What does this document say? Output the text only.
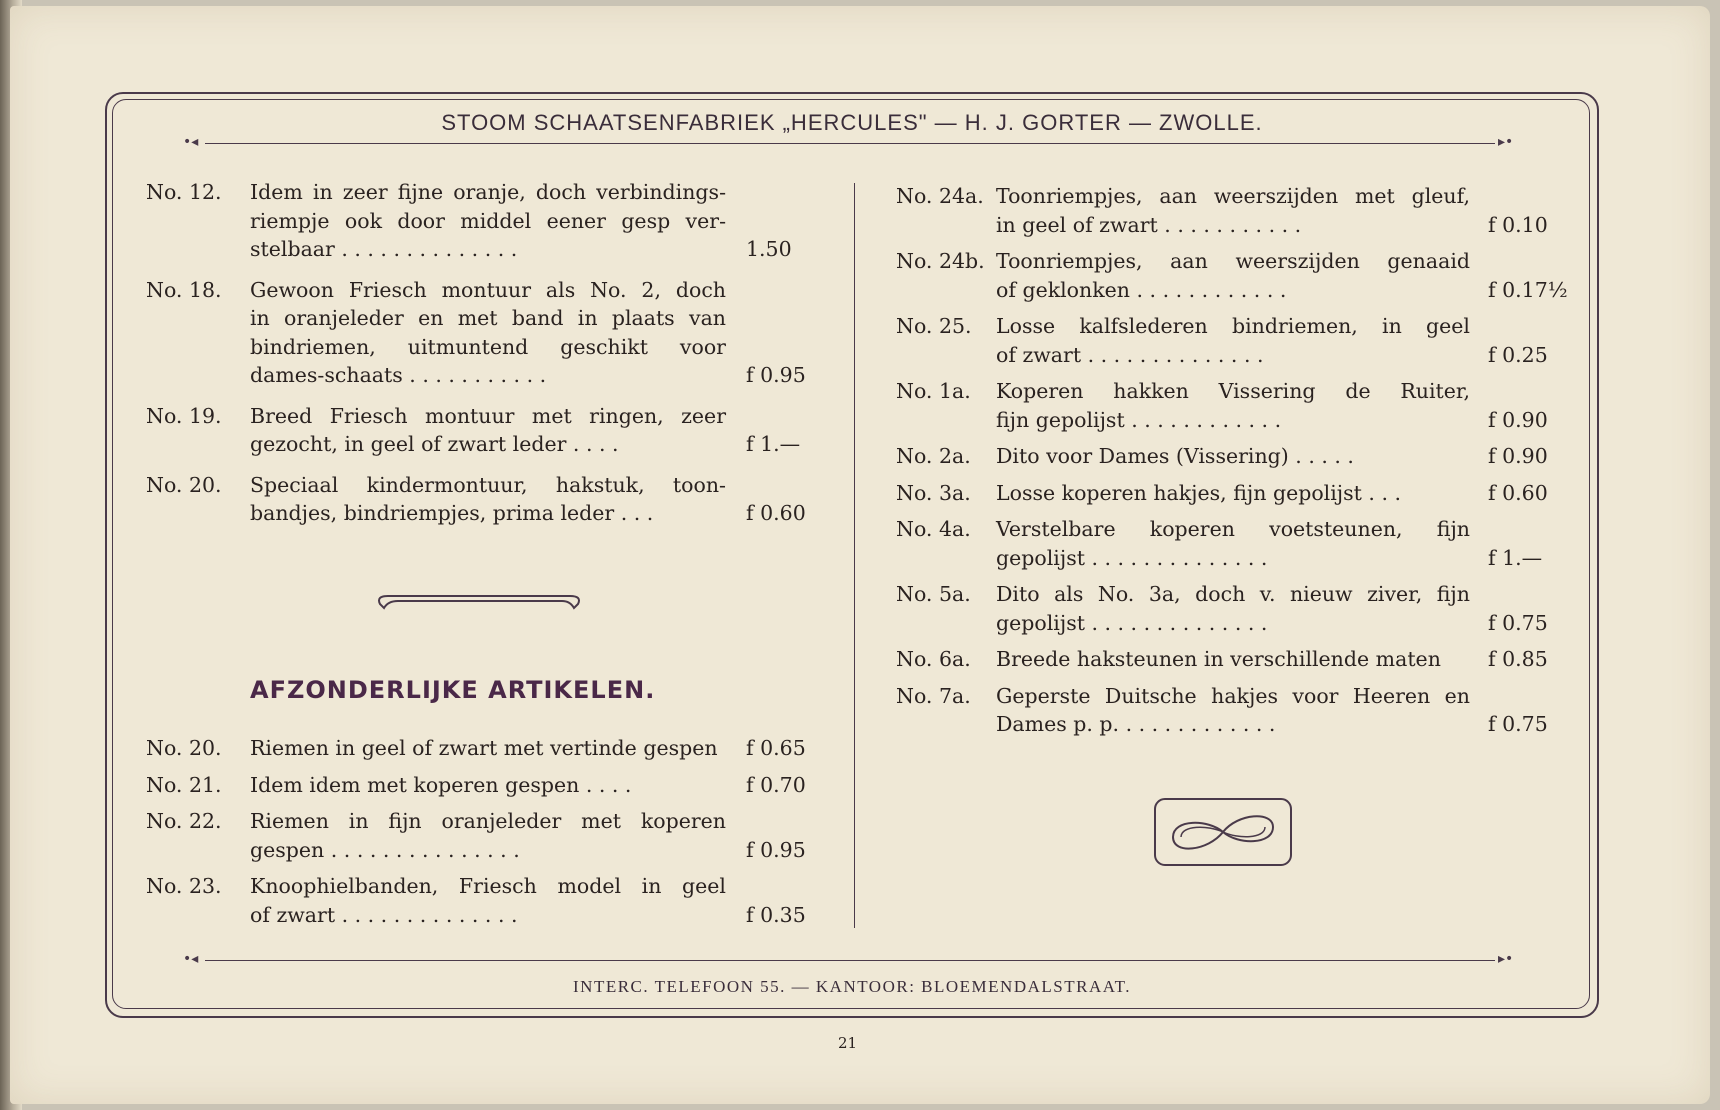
STOOM SCHAATSENFABRIEK „HERCULES" — H. J. GORTER — ZWOLLE.
•◂	▸•
No. 12. Idem in zeer fijne oranje, doch verbindings-
riempje ook door middel eener gesp ver-
stelbaar . . . . . . . . . . . . . .	1.50
No. 18. Gewoon Friesch montuur als No. 2, doch
in oranjeleder en met band in plaats van
bindriemen, uitmuntend geschikt voor
dames-schaats . . . . . . . . . . .	f 0.95
No. 19. Breed Friesch montuur met ringen, zeer
gezocht, in geel of zwart leder . . . .	f 1.—
No. 20. Speciaal kindermontuur, hakstuk, toon-
bandjes, bindriempjes, prima leder . . .	f 0.60
AFZONDERLIJKE ARTIKELEN.
No. 20. Riemen in geel of zwart met vertinde gespen	f 0.65
No. 21. Idem idem met koperen gespen . . . .	f 0.70
No. 22. Riemen in fijn oranjeleder met koperen
gespen . . . . . . . . . . . . . . .	f 0.95
No. 23. Knoophielbanden, Friesch model in geel
of zwart . . . . . . . . . . . . . .	f 0.35
No. 24a. Toonriempjes, aan weerszijden met gleuf,
in geel of zwart . . . . . . . . . . .	f 0.10
No. 24b. Toonriempjes, aan weerszijden genaaid
of geklonken . . . . . . . . . . . .	f 0.17½
No. 25. Losse kalfslederen bindriemen, in geel
of zwart . . . . . . . . . . . . . .	f 0.25
No. 1a. Koperen hakken Vissering de Ruiter,
fijn gepolijst . . . . . . . . . . . .	f 0.90
No. 2a. Dito voor Dames (Vissering) . . . . .	f 0.90
No. 3a. Losse koperen hakjes, fijn gepolijst . . .	f 0.60
No. 4a. Verstelbare koperen voetsteunen, fijn
gepolijst . . . . . . . . . . . . . .	f 1.—
No. 5a. Dito als No. 3a, doch v. nieuw ziver, fijn
gepolijst . . . . . . . . . . . . . .	f 0.75
No. 6a. Breede haksteunen in verschillende maten	f 0.85
No. 7a. Geperste Duitsche hakjes voor Heeren en
Dames p. p. . . . . . . . . . . . .	f 0.75
•◂	▸•
INTERC. TELEFOON 55. — KANTOOR: BLOEMENDALSTRAAT.
21
